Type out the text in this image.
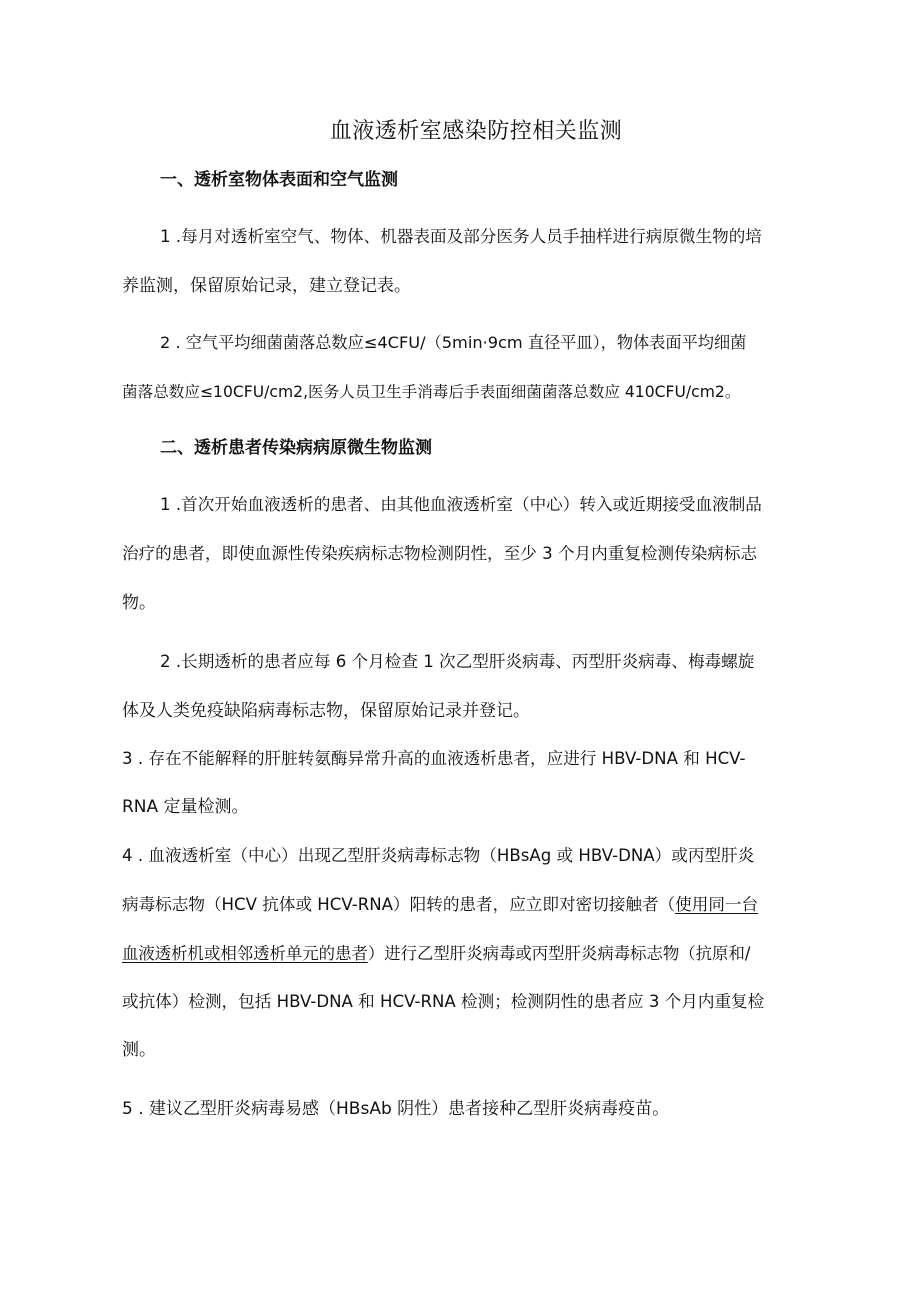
血液透析室感染防控相关监测
一、透析室物体表面和空气监测
1 .每月对透析室空气、物体、机器表面及部分医务人员手抽样进行病原微生物的培
养监测，保留原始记录，建立登记表。
2 . 空气平均细菌菌落总数应≤4CFU/（5min·9cm 直径平皿），物体表面平均细菌
菌落总数应≤10CFU/cm2,医务人员卫生手消毒后手表面细菌菌落总数应 410CFU/cm2。
二、透析患者传染病病原微生物监测
1 .首次开始血液透析的患者、由其他血液透析室（中心）转入或近期接受血液制品
治疗的患者，即使血源性传染疾病标志物检测阴性，至少 3 个月内重复检测传染病标志
物。
2 .长期透析的患者应每 6 个月检查 1 次乙型肝炎病毒、丙型肝炎病毒、梅毒螺旋
体及人类免疫缺陷病毒标志物，保留原始记录并登记。
3 . 存在不能解释的肝脏转氨酶异常升高的血液透析患者，应进行 HBV-DNA 和 HCV-
RNA 定量检测。
4 . 血液透析室（中心）出现乙型肝炎病毒标志物（HBsAg 或 HBV-DNA）或丙型肝炎
病毒标志物（HCV 抗体或 HCV-RNA）阳转的患者，应立即对密切接触者（使用同一台
血液透析机或相邻透析单元的患者）进行乙型肝炎病毒或丙型肝炎病毒标志物（抗原和/
或抗体）检测，包括 HBV-DNA 和 HCV-RNA 检测；检测阴性的患者应 3 个月内重复检
测。
5 . 建议乙型肝炎病毒易感（HBsAb 阴性）患者接种乙型肝炎病毒疫苗。
